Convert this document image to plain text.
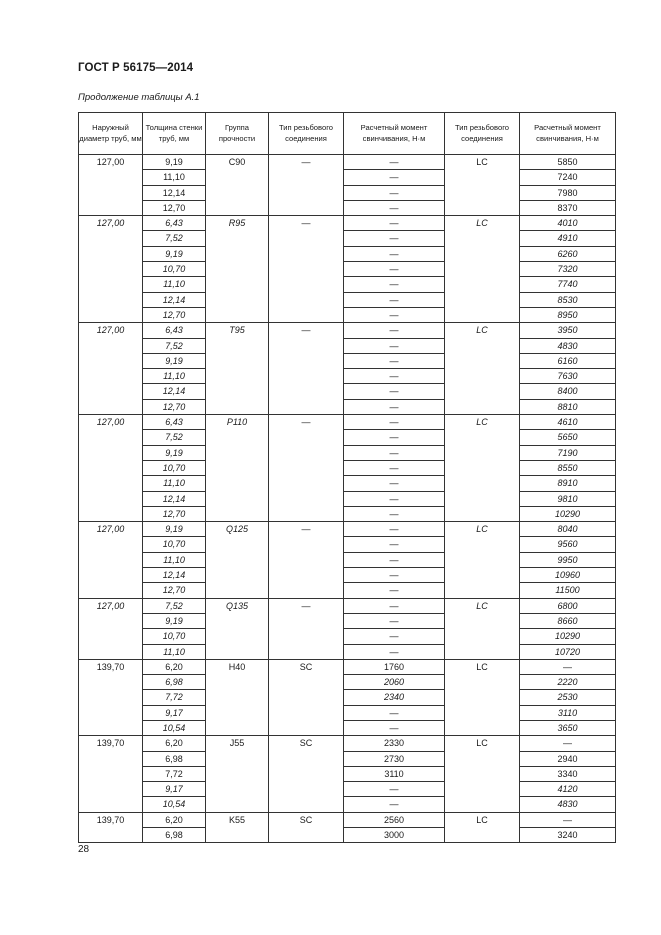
ГОСТ Р 56175—2014
Продолжение таблицы А.1
Наружный диаметр труб, мм	Толщина стенки труб, мм	Группа прочности	Тип резьбового соединения	Расчетный момент свинчивания, Н·м	Тип резьбового соединения	Расчетный момент свинчивания, Н·м
127,00	9,19	C90	—	—	LC	5850
	11,10			—		7240
	12,14			—		7980
	12,70			—		8370
127,00	6,43	R95	—	—	LC	4010
	7,52			—		4910
	9,19			—		6260
	10,70			—		7320
	11,10			—		7740
	12,14			—		8530
	12,70			—		8950
127,00	6,43	T95	—	—	LC	3950
	7,52			—		4830
	9,19			—		6160
	11,10			—		7630
	12,14			—		8400
	12,70			—		8810
127,00	6,43	P110	—	—	LC	4610
	7,52			—		5650
	9,19			—		7190
	10,70			—		8550
	11,10			—		8910
	12,14			—		9810
	12,70			—		10290
127,00	9,19	Q125	—	—	LC	8040
	10,70			—		9560
	11,10			—		9950
	12,14			—		10960
	12,70			—		11500
127,00	7,52	Q135	—	—	LC	6800
	9,19			—		8660
	10,70			—		10290
	11,10			—		10720
139,70	6,20	H40	SC	1760	LC	—
	6,98			2060		2220
	7,72			2340		2530
	9,17			—		3110
	10,54			—		3650
139,70	6,20	J55	SC	2330	LC	—
	6,98			2730		2940
	7,72			3110		3340
	9,17			—		4120
	10,54			—		4830
139,70	6,20	K55	SC	2560	LC	—
	6,98			3000		3240
28
